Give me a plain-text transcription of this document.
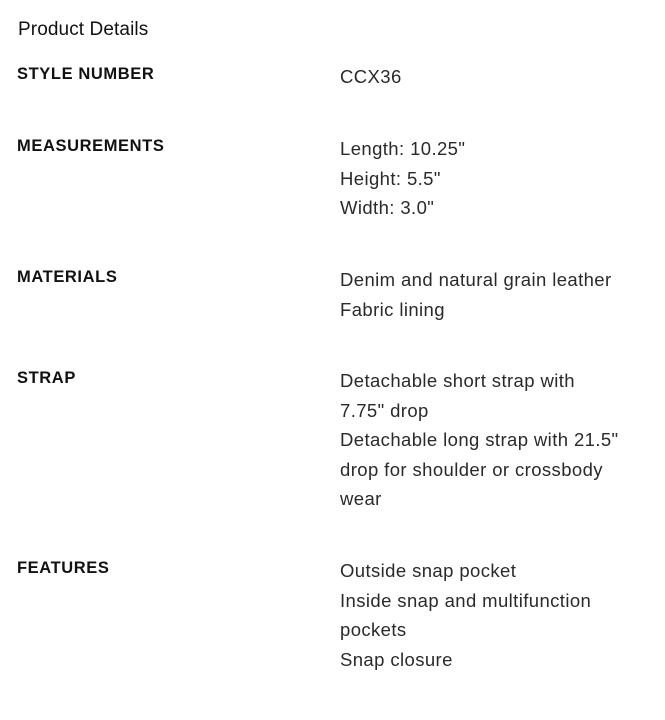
Product Details
STYLE NUMBER	CCX36
MEASUREMENTS	Length: 10.25"
Height: 5.5"
Width: 3.0"
MATERIALS	Denim and natural grain leather
Fabric lining
STRAP	Detachable short strap with
7.75" drop
Detachable long strap with 21.5"
drop for shoulder or crossbody
wear
FEATURES	Outside snap pocket
Inside snap and multifunction
pockets
Snap closure
